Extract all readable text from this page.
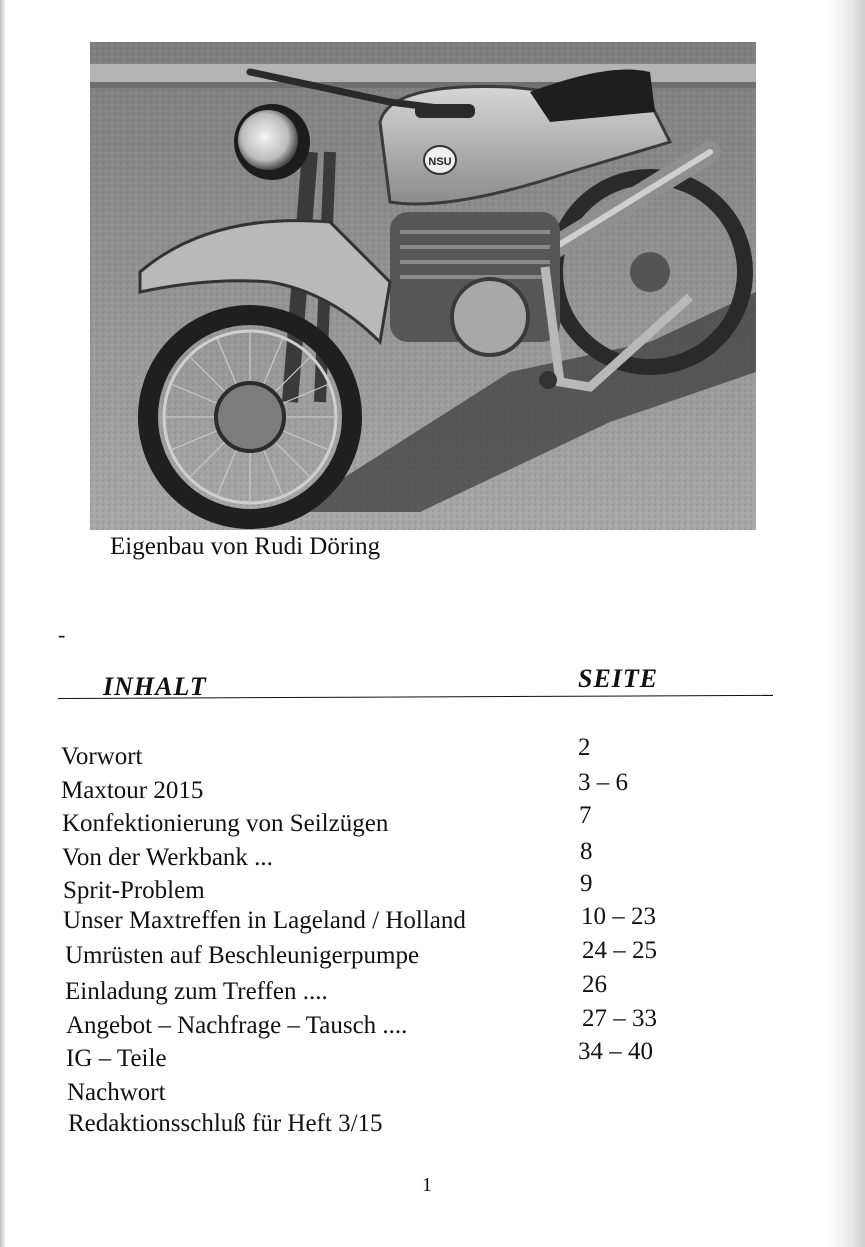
NSU
Eigenbau von Rudi Döring
-
INHALT	SEITE
Vorwort	2
Maxtour 2015	3 – 6
Konfektionierung von Seilzügen	7
Von der Werkbank ...	8
Sprit-Problem	9
Unser Maxtreffen in Lageland / Holland	10 – 23
Umrüsten auf Beschleunigerpumpe	24 – 25
Einladung zum Treffen ....	26
Angebot – Nachfrage – Tausch ....	27 – 33
IG – Teile	34 – 40
Nachwort
Redaktionsschluß für Heft 3/15
1
